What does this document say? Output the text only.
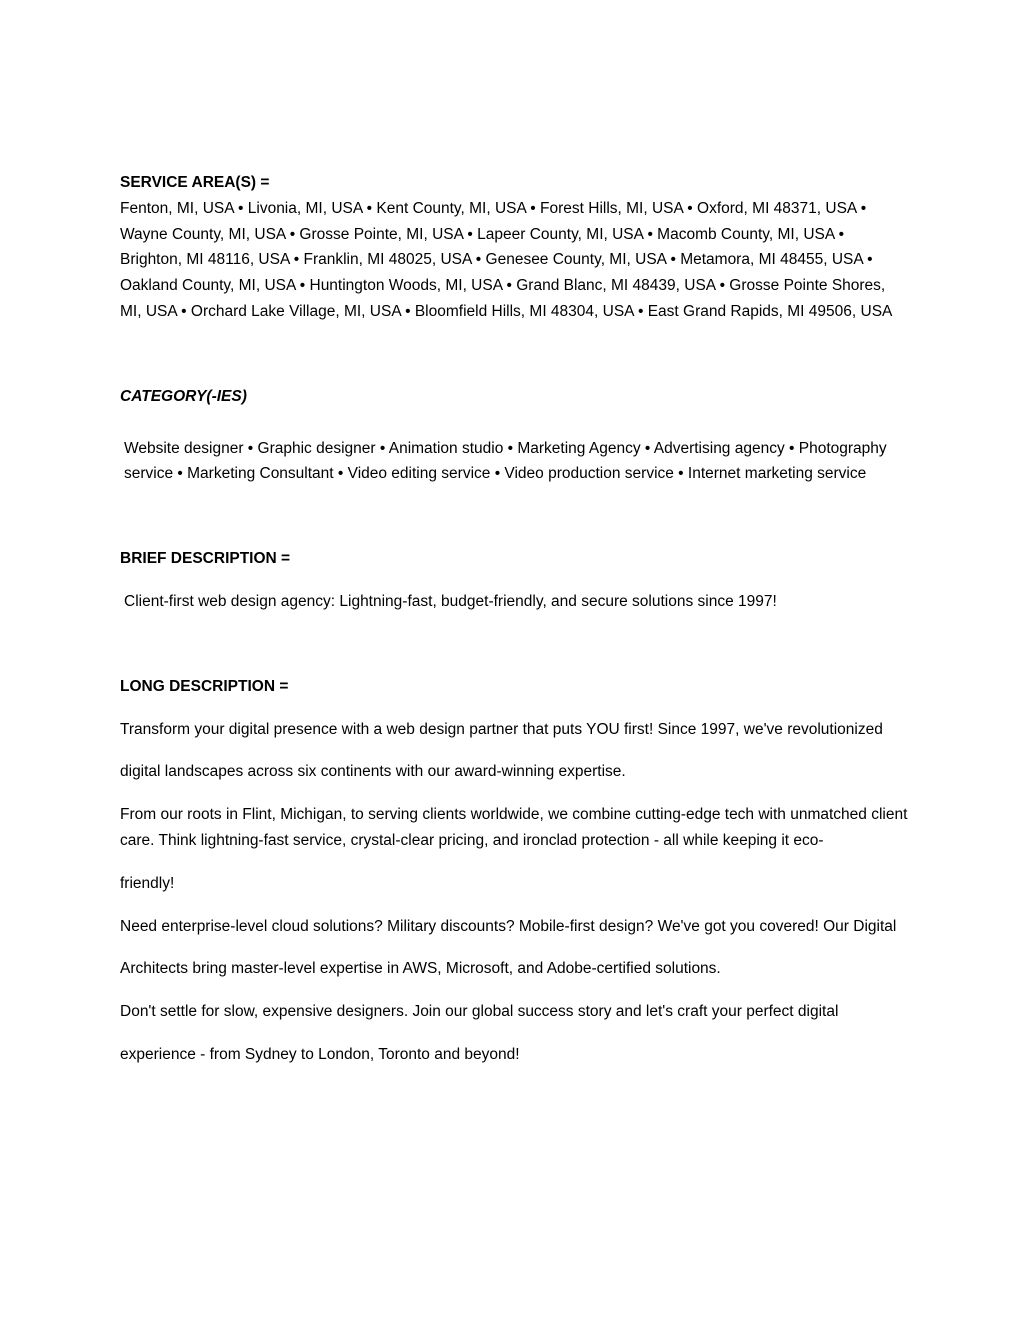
SERVICE AREA(S) =

Fenton, MI, USA • Livonia, MI, USA • Kent County, MI, USA • Forest Hills, MI, USA • Oxford, MI 48371, USA • Wayne County, MI, USA • Grosse Pointe, MI, USA • Lapeer County, MI, USA • Macomb County, MI, USA • Brighton, MI 48116, USA • Franklin, MI 48025, USA • Genesee County, MI, USA • Metamora, MI 48455, USA • Oakland County, MI, USA • Huntington Woods, MI, USA • Grand Blanc, MI 48439, USA • Grosse Pointe Shores, MI, USA • Orchard Lake Village, MI, USA • Bloomfield Hills, MI 48304, USA • East Grand Rapids, MI 49506, USA

CATEGORY(-IES)

Website designer • Graphic designer • Animation studio • Marketing Agency • Advertising agency • Photography service • Marketing Consultant • Video editing service • Video production service • Internet marketing service

BRIEF DESCRIPTION =

Client-first web design agency: Lightning-fast, budget-friendly, and secure solutions since 1997!

LONG DESCRIPTION =

Transform your digital presence with a web design partner that puts YOU first! Since 1997, we've revolutionized

digital landscapes across six continents with our award-winning expertise.

From our roots in Flint, Michigan, to serving clients worldwide, we combine cutting-edge tech with unmatched client care. Think lightning-fast service, crystal-clear pricing, and ironclad protection - all while keeping it eco-

friendly!

Need enterprise-level cloud solutions? Military discounts? Mobile-first design? We've got you covered! Our Digital

Architects bring master-level expertise in AWS, Microsoft, and Adobe-certified solutions.

Don't settle for slow, expensive designers. Join our global success story and let's craft your perfect digital

experience - from Sydney to London, Toronto and beyond!
